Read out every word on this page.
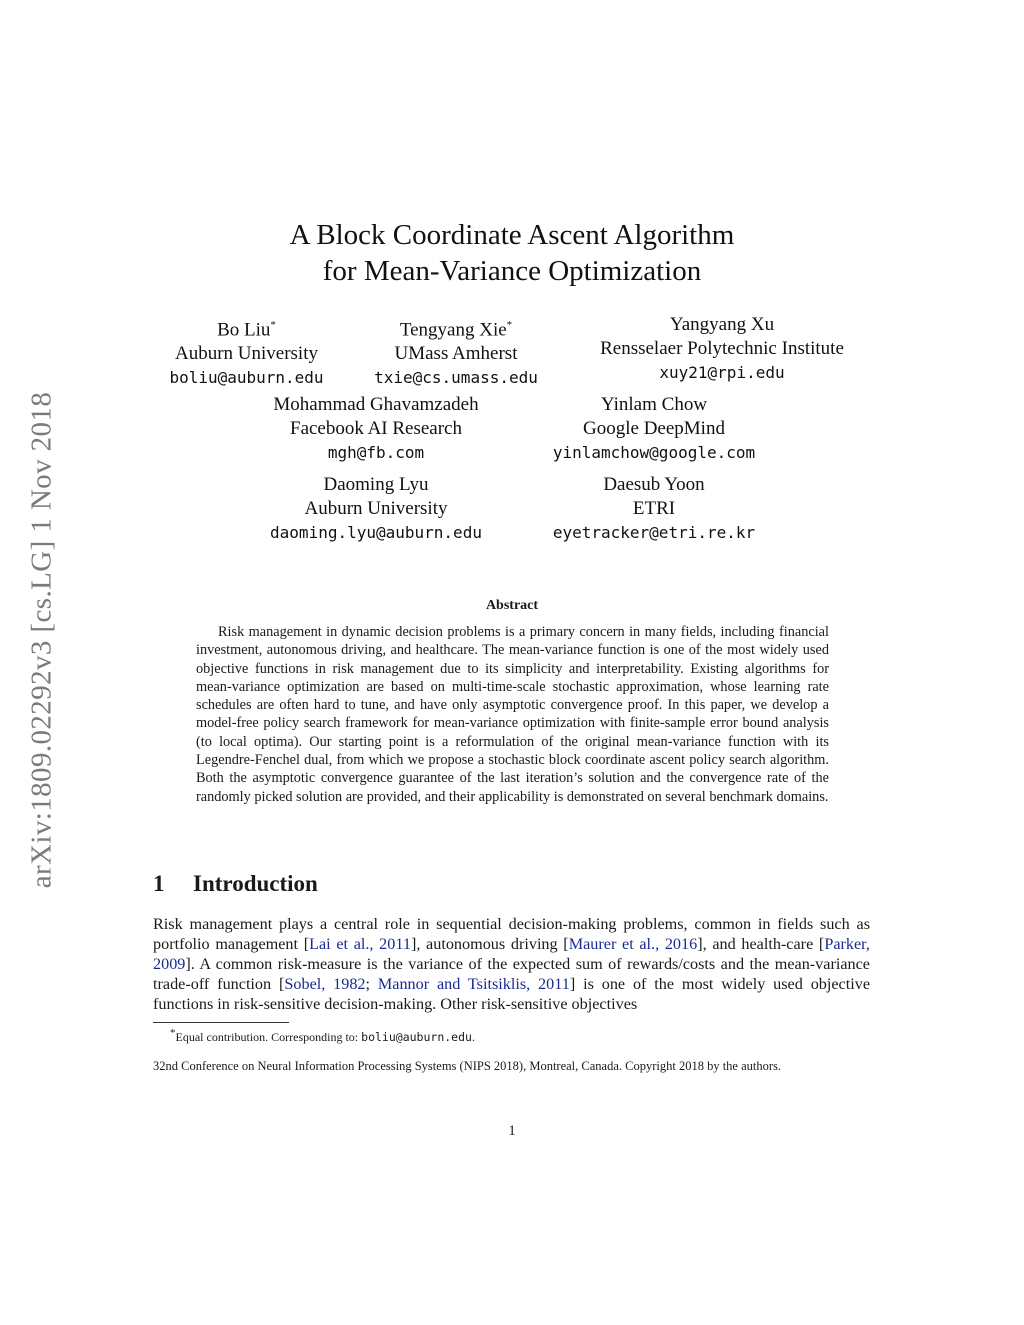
arXiv:1809.02292v3 [cs.LG] 1 Nov 2018
A Block Coordinate Ascent Algorithm
for Mean-Variance Optimization
Bo Liu*
Auburn University
boliu@auburn.edu
Tengyang Xie*
UMass Amherst
txie@cs.umass.edu
Yangyang Xu
Rensselaer Polytechnic Institute
xuy21@rpi.edu
Mohammad Ghavamzadeh
Facebook AI Research
mgh@fb.com
Yinlam Chow
Google DeepMind
yinlamchow@google.com
Daoming Lyu
Auburn University
daoming.lyu@auburn.edu
Daesub Yoon
ETRI
eyetracker@etri.re.kr
Abstract
Risk management in dynamic decision problems is a primary concern in many fields, including financial investment, autonomous driving, and healthcare. The mean-variance function is one of the most widely used objective functions in risk management due to its simplicity and interpretability. Existing algorithms for mean-variance optimization are based on multi-time-scale stochastic approximation, whose learning rate schedules are often hard to tune, and have only asymptotic convergence proof. In this paper, we develop a model-free policy search framework for mean-variance optimization with finite-sample error bound analysis (to local optima). Our starting point is a reformulation of the original mean-variance function with its Legendre-Fenchel dual, from which we propose a stochastic block coordinate ascent policy search algorithm. Both the asymptotic convergence guarantee of the last iteration’s solution and the convergence rate of the randomly picked solution are provided, and their applicability is demonstrated on several benchmark domains.
1 Introduction
Risk management plays a central role in sequential decision-making problems, common in fields such as portfolio management [Lai et al., 2011], autonomous driving [Maurer et al., 2016], and health-care [Parker, 2009]. A common risk-measure is the variance of the expected sum of rewards/costs and the mean-variance trade-off function [Sobel, 1982; Mannor and Tsitsiklis, 2011] is one of the most widely used objective functions in risk-sensitive decision-making. Other risk-sensitive objectives
*Equal contribution. Corresponding to: boliu@auburn.edu.
32nd Conference on Neural Information Processing Systems (NIPS 2018), Montreal, Canada. Copyright 2018 by the authors.
1
